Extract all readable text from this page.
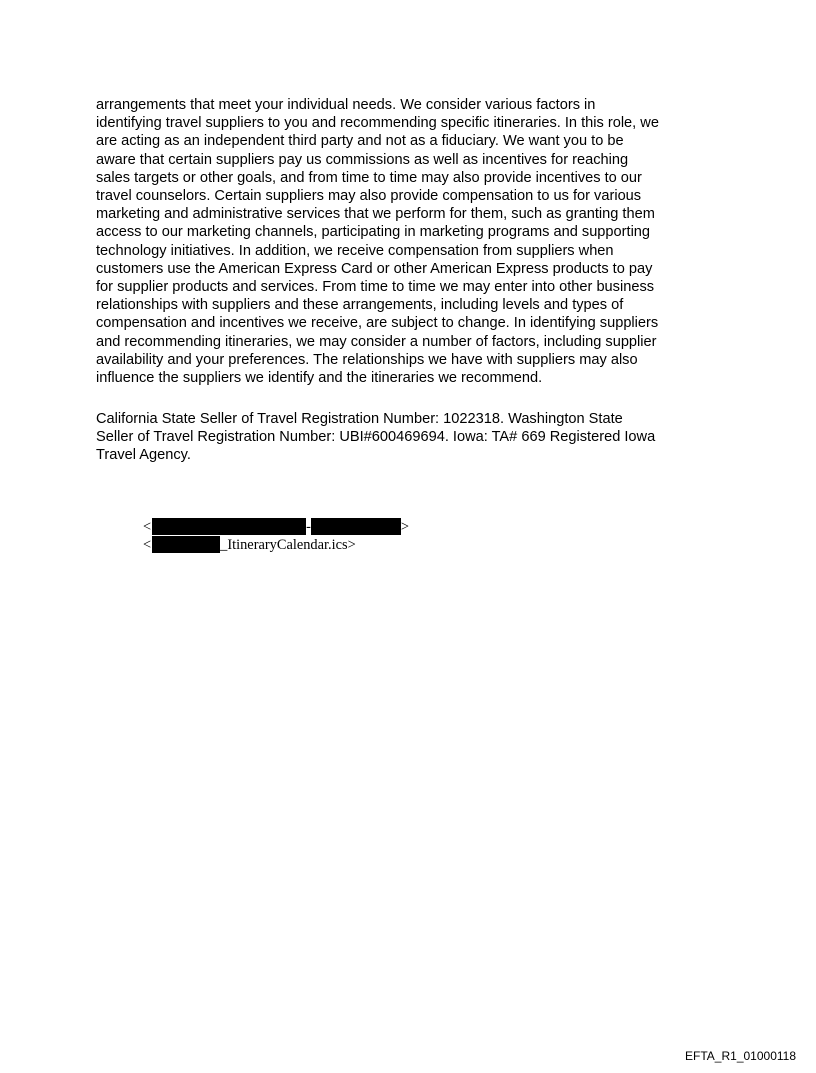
arrangements that meet your individual needs. We consider various factors in
identifying travel suppliers to you and recommending specific itineraries. In this role, we
are acting as an independent third party and not as a fiduciary. We want you to be
aware that certain suppliers pay us commissions as well as incentives for reaching
sales targets or other goals, and from time to time may also provide incentives to our
travel counselors. Certain suppliers may also provide compensation to us for various
marketing and administrative services that we perform for them, such as granting them
access to our marketing channels, participating in marketing programs and supporting
technology initiatives. In addition, we receive compensation from suppliers when
customers use the American Express Card or other American Express products to pay
for supplier products and services. From time to time we may enter into other business
relationships with suppliers and these arrangements, including levels and types of
compensation and incentives we receive, are subject to change. In identifying suppliers
and recommending itineraries, we may consider a number of factors, including supplier
availability and your preferences. The relationships we have with suppliers may also
influence the suppliers we identify and the itineraries we recommend.

California State Seller of Travel Registration Number: 1022318. Washington State
Seller of Travel Registration Number: UBI#600469694. Iowa: TA# 669 Registered Iowa
Travel Agency.

<	-	>
<	_ItineraryCalendar.ics>
EFTA_R1_01000118
